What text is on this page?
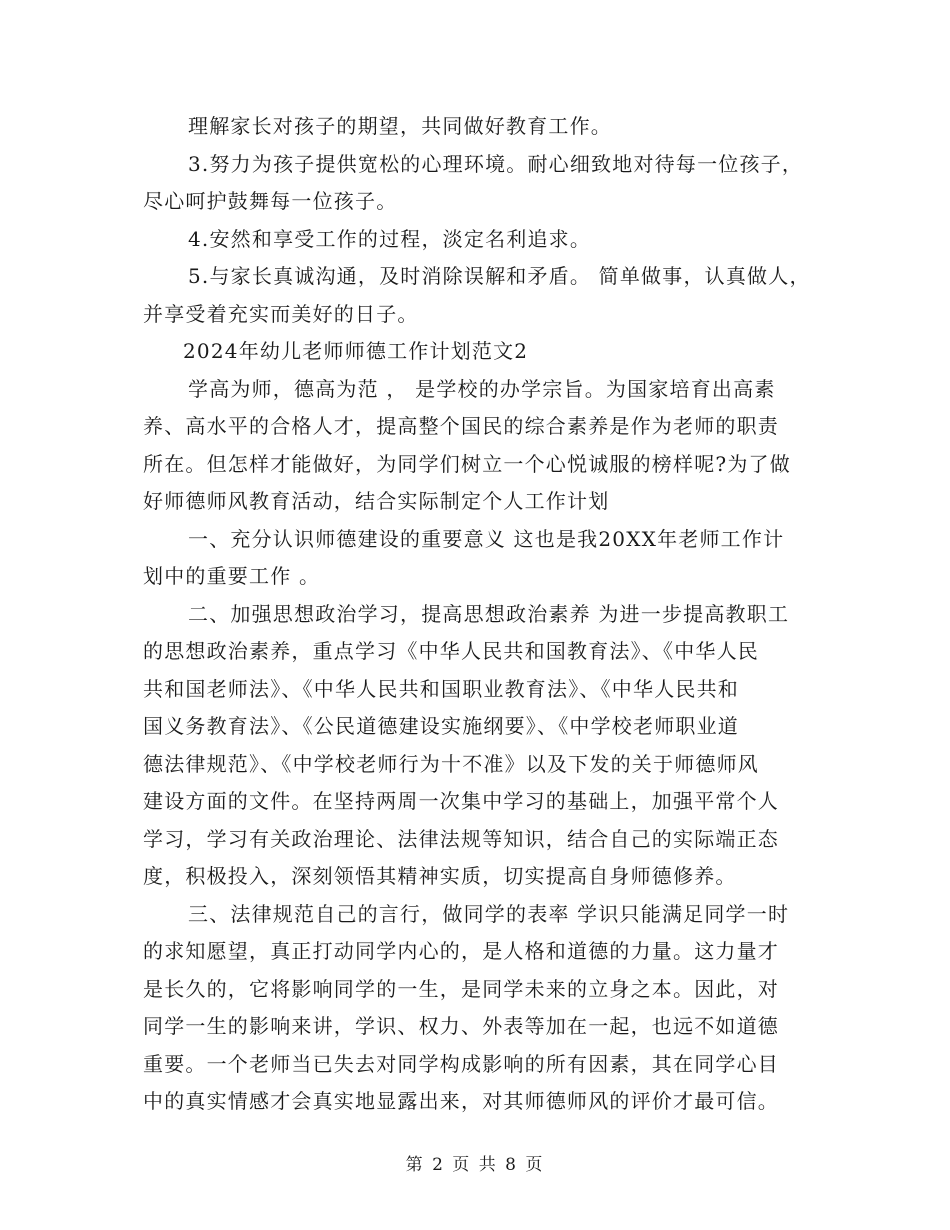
理解家长对孩子的期望，共同做好教育工作。
3.努力为孩子提供宽松的心理环境。耐心细致地对待每一位孩子，
尽心呵护鼓舞每一位孩子。
4.安然和享受工作的过程，淡定名利追求。
5.与家长真诚沟通，及时消除误解和矛盾。 简单做事，认真做人，
并享受着充实而美好的日子。
2024年幼儿老师师德工作计划范文2
学高为师，德高为范 ， 是学校的办学宗旨。为国家培育出高素
养、高水平的合格人才，提高整个国民的综合素养是作为老师的职责
所在。但怎样才能做好，为同学们树立一个心悦诚服的榜样呢?为了做
好师德师风教育活动，结合实际制定个人工作计划
一、充分认识师德建设的重要意义 这也是我20XX年老师工作计
划中的重要工作 。
二、加强思想政治学习，提高思想政治素养 为进一步提高教职工
的思想政治素养，重点学习《中华人民共和国教育法》、《中华人民
共和国老师法》、《中华人民共和国职业教育法》、《中华人民共和
国义务教育法》、《公民道德建设实施纲要》、《中学校老师职业道
德法律规范》、《中学校老师行为十不准》以及下发的关于师德师风
建设方面的文件。在坚持两周一次集中学习的基础上，加强平常个人
学习，学习有关政治理论、法律法规等知识，结合自己的实际端正态
度，积极投入，深刻领悟其精神实质，切实提高自身师德修养。
三、法律规范自己的言行，做同学的表率 学识只能满足同学一时
的求知愿望，真正打动同学内心的，是人格和道德的力量。这力量才
是长久的，它将影响同学的一生，是同学未来的立身之本。因此，对
同学一生的影响来讲，学识、权力、外表等加在一起，也远不如道德
重要。一个老师当已失去对同学构成影响的所有因素，其在同学心目
中的真实情感才会真实地显露出来，对其师德师风的评价才最可信。
第 2 页 共 8 页
